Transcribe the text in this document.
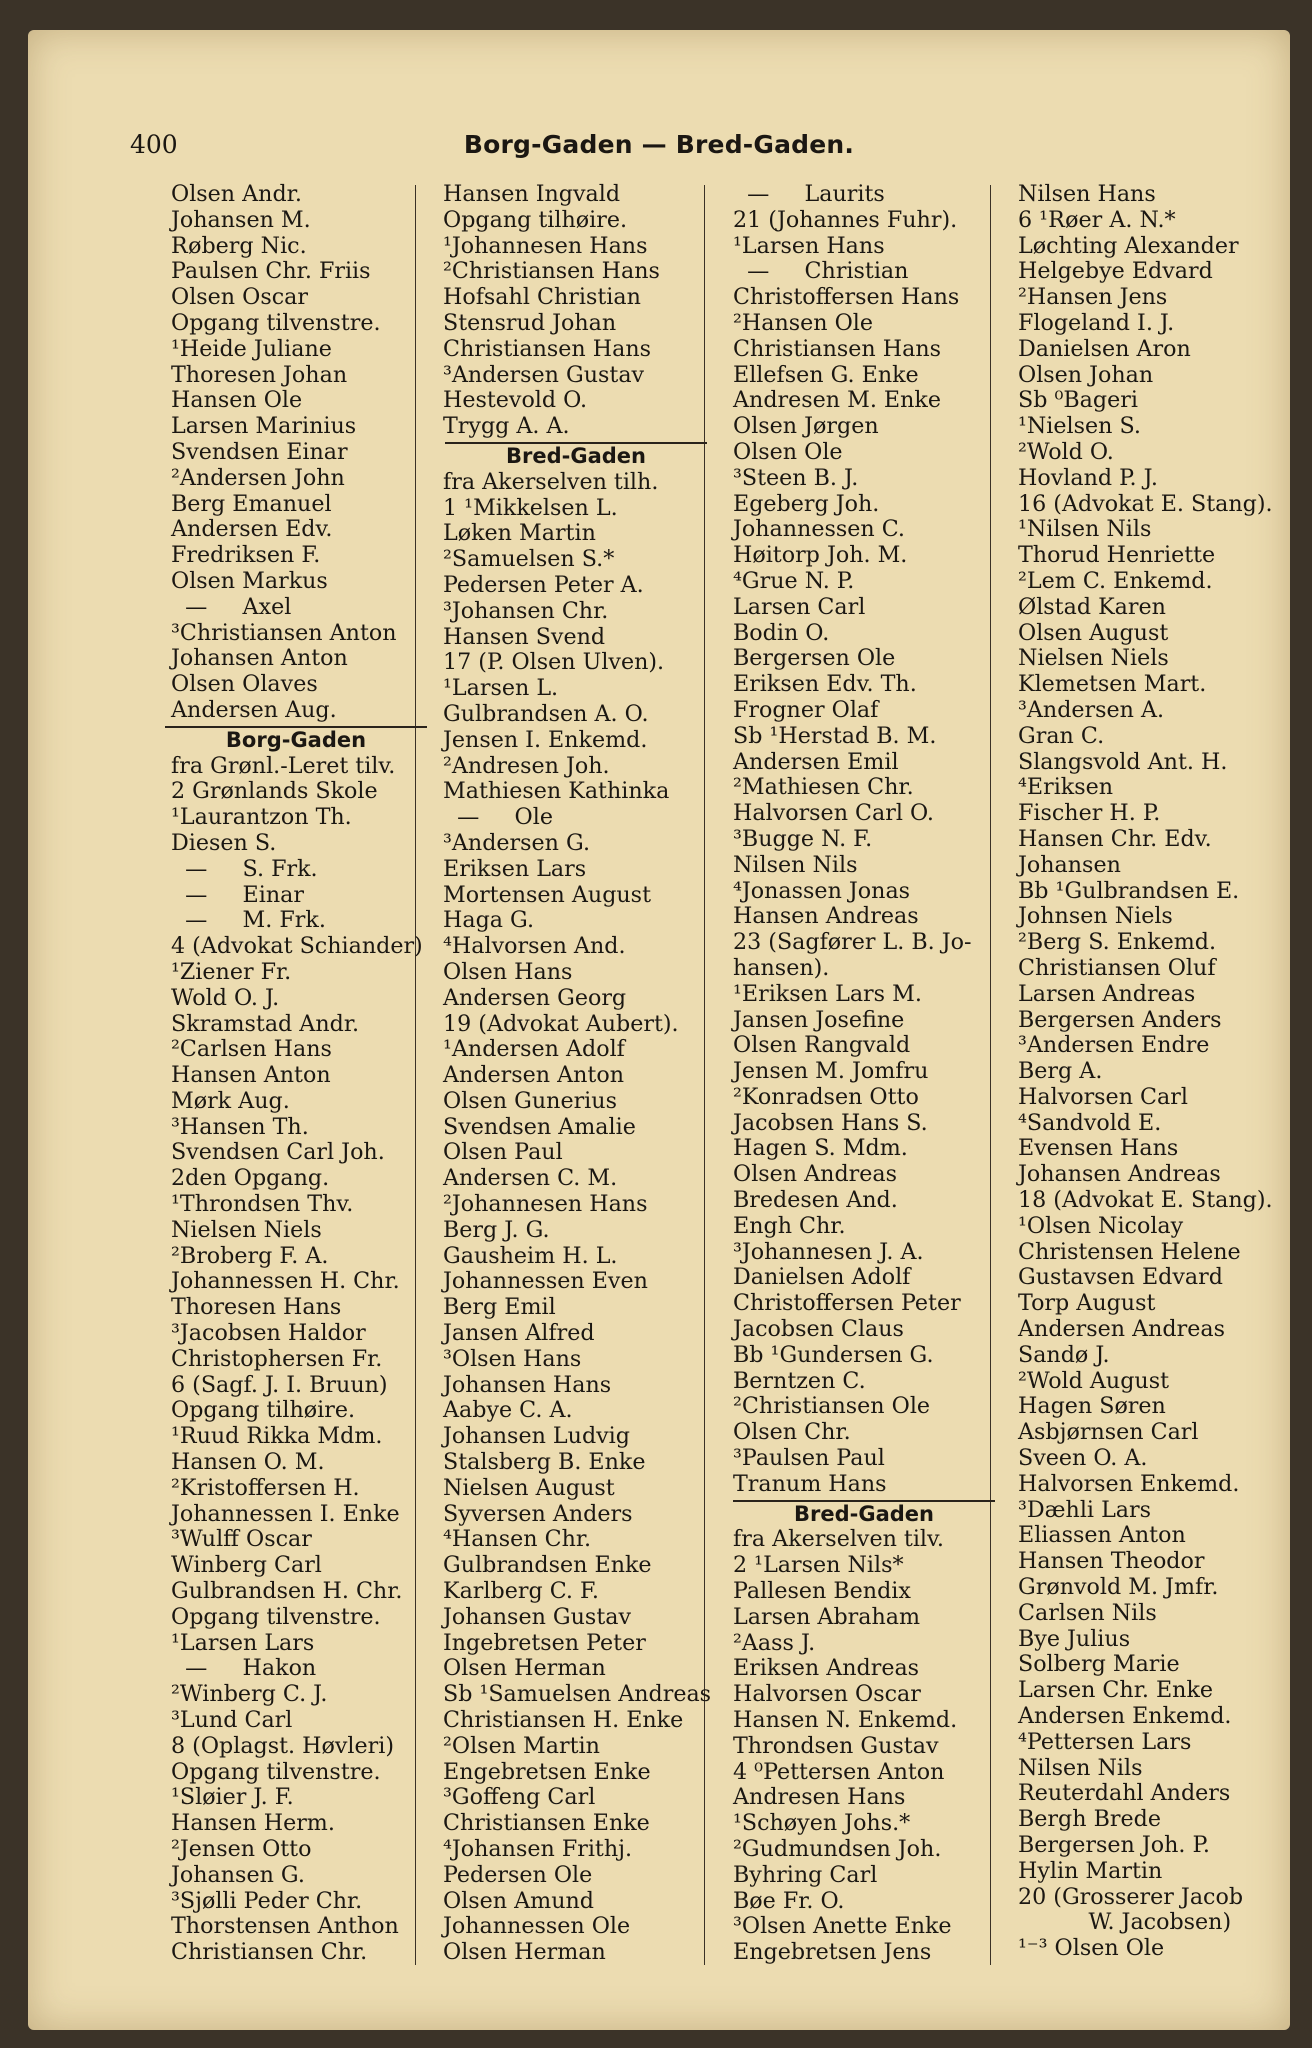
400	Borg-Gaden — Bred-Gaden.
Olsen Andr.
Johansen M.
Røberg Nic.
Paulsen Chr. Friis
Olsen Oscar
Opgang tilvenstre.
¹Heide Juliane
Thoresen Johan
Hansen Ole
Larsen Marinius
Svendsen Einar
²Andersen John
Berg Emanuel
Andersen Edv.
Fredriksen F.
Olsen Markus
—     Axel
³Christiansen Anton
Johansen Anton
Olsen Olaves
Andersen Aug.
Borg-Gaden
fra Grønl.-Leret tilv.
2 Grønlands Skole
¹Laurantzon Th.
Diesen S.
—     S. Frk.
—     Einar
—     M. Frk.
4 (Advokat Schiander)
¹Ziener Fr.
Wold O. J.
Skramstad Andr.
²Carlsen Hans
Hansen Anton
Mørk Aug.
³Hansen Th.
Svendsen Carl Joh.
2den Opgang.
¹Throndsen Thv.
Nielsen Niels
²Broberg F. A.
Johannessen H. Chr.
Thoresen Hans
³Jacobsen Haldor
Christophersen Fr.
6 (Sagf. J. I. Bruun)
Opgang tilhøire.
¹Ruud Rikka Mdm.
Hansen O. M.
²Kristoffersen H.
Johannessen I. Enke
³Wulff Oscar
Winberg Carl
Gulbrandsen H. Chr.
Opgang tilvenstre.
¹Larsen Lars
—     Hakon
²Winberg C. J.
³Lund Carl
8 (Oplagst. Høvleri)
Opgang tilvenstre.
¹Sløier J. F.
Hansen Herm.
²Jensen Otto
Johansen G.
³Sjølli Peder Chr.
Thorstensen Anthon
Christiansen Chr.
Hansen Ingvald
Opgang tilhøire.
¹Johannesen Hans
²Christiansen Hans
Hofsahl Christian
Stensrud Johan
Christiansen Hans
³Andersen Gustav
Hestevold O.
Trygg A. A.
Bred-Gaden
fra Akerselven tilh.
1 ¹Mikkelsen L.
Løken Martin
²Samuelsen S.*
Pedersen Peter A.
³Johansen Chr.
Hansen Svend
17 (P. Olsen Ulven).
¹Larsen L.
Gulbrandsen A. O.
Jensen I. Enkemd.
²Andresen Joh.
Mathiesen Kathinka
—     Ole
³Andersen G.
Eriksen Lars
Mortensen August
Haga G.
⁴Halvorsen And.
Olsen Hans
Andersen Georg
19 (Advokat Aubert).
¹Andersen Adolf
Andersen Anton
Olsen Gunerius
Svendsen Amalie
Olsen Paul
Andersen C. M.
²Johannesen Hans
Berg J. G.
Gausheim H. L.
Johannessen Even
Berg Emil
Jansen Alfred
³Olsen Hans
Johansen Hans
Aabye C. A.
Johansen Ludvig
Stalsberg B. Enke
Nielsen August
Syversen Anders
⁴Hansen Chr.
Gulbrandsen Enke
Karlberg C. F.
Johansen Gustav
Ingebretsen Peter
Olsen Herman
Sb ¹Samuelsen Andreas
Christiansen H. Enke
²Olsen Martin
Engebretsen Enke
³Goffeng Carl
Christiansen Enke
⁴Johansen Frithj.
Pedersen Ole
Olsen Amund
Johannessen Ole
Olsen Herman
—     Laurits
21 (Johannes Fuhr).
¹Larsen Hans
—     Christian
Christoffersen Hans
²Hansen Ole
Christiansen Hans
Ellefsen G. Enke
Andresen M. Enke
Olsen Jørgen
Olsen Ole
³Steen B. J.
Egeberg Joh.
Johannessen C.
Høitorp Joh. M.
⁴Grue N. P.
Larsen Carl
Bodin O.
Bergersen Ole
Eriksen Edv. Th.
Frogner Olaf
Sb ¹Herstad B. M.
Andersen Emil
²Mathiesen Chr.
Halvorsen Carl O.
³Bugge N. F.
Nilsen Nils
⁴Jonassen Jonas
Hansen Andreas
23 (Sagfører L. B. Jo-
hansen).
¹Eriksen Lars M.
Jansen Josefine
Olsen Rangvald
Jensen M. Jomfru
²Konradsen Otto
Jacobsen Hans S.
Hagen S. Mdm.
Olsen Andreas
Bredesen And.
Engh Chr.
³Johannesen J. A.
Danielsen Adolf
Christoffersen Peter
Jacobsen Claus
Bb ¹Gundersen G.
Berntzen C.
²Christiansen Ole
Olsen Chr.
³Paulsen Paul
Tranum Hans
Bred-Gaden
fra Akerselven tilv.
2 ¹Larsen Nils*
Pallesen Bendix
Larsen Abraham
²Aass J.
Eriksen Andreas
Halvorsen Oscar
Hansen N. Enkemd.
Throndsen Gustav
4 ⁰Pettersen Anton
Andresen Hans
¹Schøyen Johs.*
²Gudmundsen Joh.
Byhring Carl
Bøe Fr. O.
³Olsen Anette Enke
Engebretsen Jens
Nilsen Hans
6 ¹Røer A. N.*
Løchting Alexander
Helgebye Edvard
²Hansen Jens
Flogeland I. J.
Danielsen Aron
Olsen Johan
Sb ⁰Bageri
¹Nielsen S.
²Wold O.
Hovland P. J.
16 (Advokat E. Stang).
¹Nilsen Nils
Thorud Henriette
²Lem C. Enkemd.
Ølstad Karen
Olsen August
Nielsen Niels
Klemetsen Mart.
³Andersen A.
Gran C.
Slangsvold Ant. H.
⁴Eriksen
Fischer H. P.
Hansen Chr. Edv.
Johansen
Bb ¹Gulbrandsen E.
Johnsen Niels
²Berg S. Enkemd.
Christiansen Oluf
Larsen Andreas
Bergersen Anders
³Andersen Endre
Berg A.
Halvorsen Carl
⁴Sandvold E.
Evensen Hans
Johansen Andreas
18 (Advokat E. Stang).
¹Olsen Nicolay
Christensen Helene
Gustavsen Edvard
Torp August
Andersen Andreas
Sandø J.
²Wold August
Hagen Søren
Asbjørnsen Carl
Sveen O. A.
Halvorsen Enkemd.
³Dæhli Lars
Eliassen Anton
Hansen Theodor
Grønvold M. Jmfr.
Carlsen Nils
Bye Julius
Solberg Marie
Larsen Chr. Enke
Andersen Enkemd.
⁴Pettersen Lars
Nilsen Nils
Reuterdahl Anders
Bergh Brede
Bergersen Joh. P.
Hylin Martin
20 (Grosserer Jacob
W. Jacobsen)
¹⁻³ Olsen Ole
